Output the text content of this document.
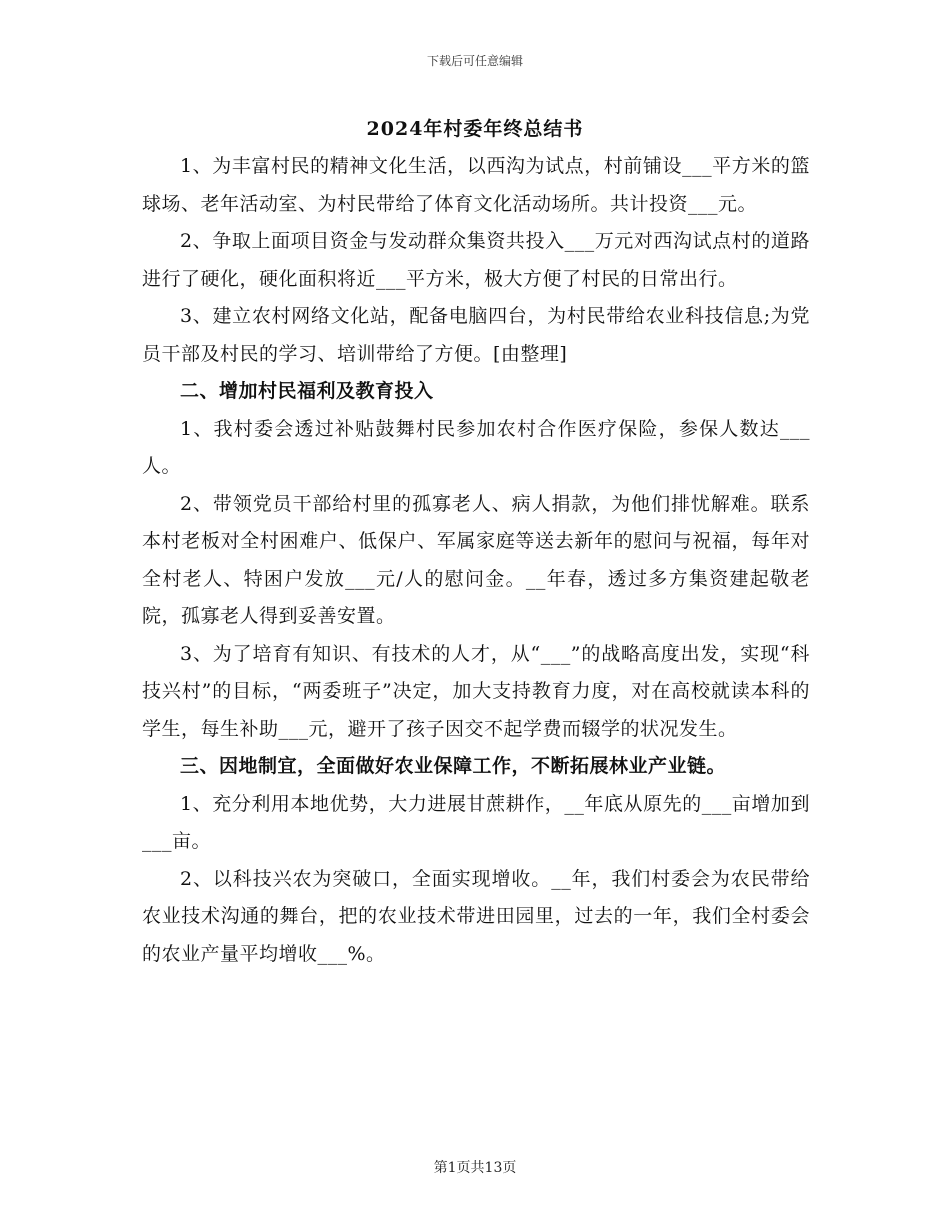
下载后可任意编辑
2024年村委年终总结书

1、为丰富村民的精神文化生活，以西沟为试点，村前铺设___平方米的篮球场、老年活动室、为村民带给了体育文化活动场所。共计投资___元。

2、争取上面项目资金与发动群众集资共投入___万元对西沟试点村的道路进行了硬化，硬化面积将近___平方米，极大方便了村民的日常出行。

3、建立农村网络文化站，配备电脑四台，为村民带给农业科技信息;为党员干部及村民的学习、培训带给了方便。[由整理]

二、增加村民福利及教育投入

1、我村委会透过补贴鼓舞村民参加农村合作医疗保险，参保人数达___人。

2、带领党员干部给村里的孤寡老人、病人捐款，为他们排忧解难。联系本村老板对全村困难户、低保户、军属家庭等送去新年的慰问与祝福，每年对全村老人、特困户发放___元/人的慰问金。__年春，透过多方集资建起敬老院，孤寡老人得到妥善安置。

3、为了培育有知识、有技术的人才，从“___”的战略高度出发，实现“科技兴村”的目标，“两委班子”决定，加大支持教育力度，对在高校就读本科的学生，每生补助___元，避开了孩子因交不起学费而辍学的状况发生。

三、因地制宜，全面做好农业保障工作，不断拓展林业产业链。

1、充分利用本地优势，大力进展甘蔗耕作，__年底从原先的___亩增加到___亩。

2、以科技兴农为突破口，全面实现增收。__年，我们村委会为农民带给农业技术沟通的舞台，把的农业技术带进田园里，过去的一年，我们全村委会的农业产量平均增收___%。

第1页共13页
